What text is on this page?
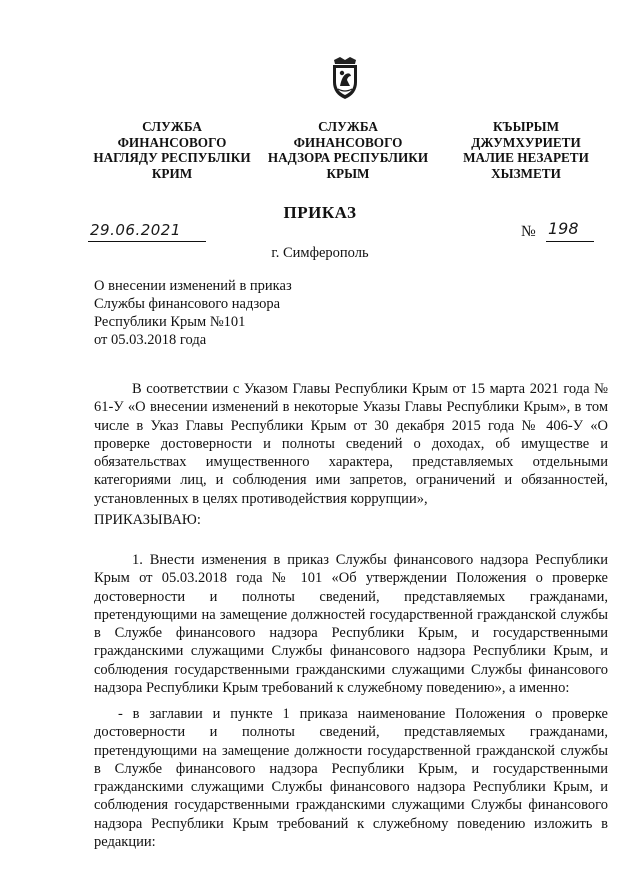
СЛУЖБА
ФИНАНСОВОГО
НАГЛЯДУ РЕСПУБЛІКИ
КРИМ
СЛУЖБА
ФИНАНСОВОГО
НАДЗОРА РЕСПУБЛИКИ
КРЫМ
КЪЫРЫМ
ДЖУМХУРИЕТИ
МАЛИЕ НЕЗАРЕТИ
ХЫЗМЕТИ
ПРИКАЗ
29.06.2021	№ 198
г. Симферополь
О внесении изменений в приказ
Службы финансового надзора
Республики Крым №101
от 05.03.2018 года
В соответствии с Указом Главы Республики Крым от 15 марта 2021 года № 61-У «О внесении изменений в некоторые Указы Главы Республики Крым», в том числе в Указ Главы Республики Крым от 30 декабря 2015 года № 406-У «О проверке достоверности и полноты сведений о доходах, об имуществе и обязательствах имущественного характера, представляемых отдельными категориями лиц, и соблюдения ими запретов, ограничений и обязанностей, установленных в целях противодействия коррупции»,
ПРИКАЗЫВАЮ:
1. Внести изменения в приказ Службы финансового надзора Республики Крым от 05.03.2018 года № 101 «Об утверждении Положения о проверке достоверности и полноты сведений, представляемых гражданами, претендующими на замещение должностей государственной гражданской службы в Службе финансового надзора Республики Крым, и государственными гражданскими служащими Службы финансового надзора Республики Крым, и соблюдения государственными гражданскими служащими Службы финансового надзора Республики Крым требований к служебному поведению», а именно:
- в заглавии и пункте 1 приказа наименование Положения о проверке достоверности и полноты сведений, представляемых гражданами, претендующими на замещение должности государственной гражданской службы в Службе финансового надзора Республики Крым, и государственными гражданскими служащими Службы финансового надзора Республики Крым, и соблюдения государственными гражданскими служащими Службы финансового надзора Республики Крым требований к служебному поведению изложить в редакции:
